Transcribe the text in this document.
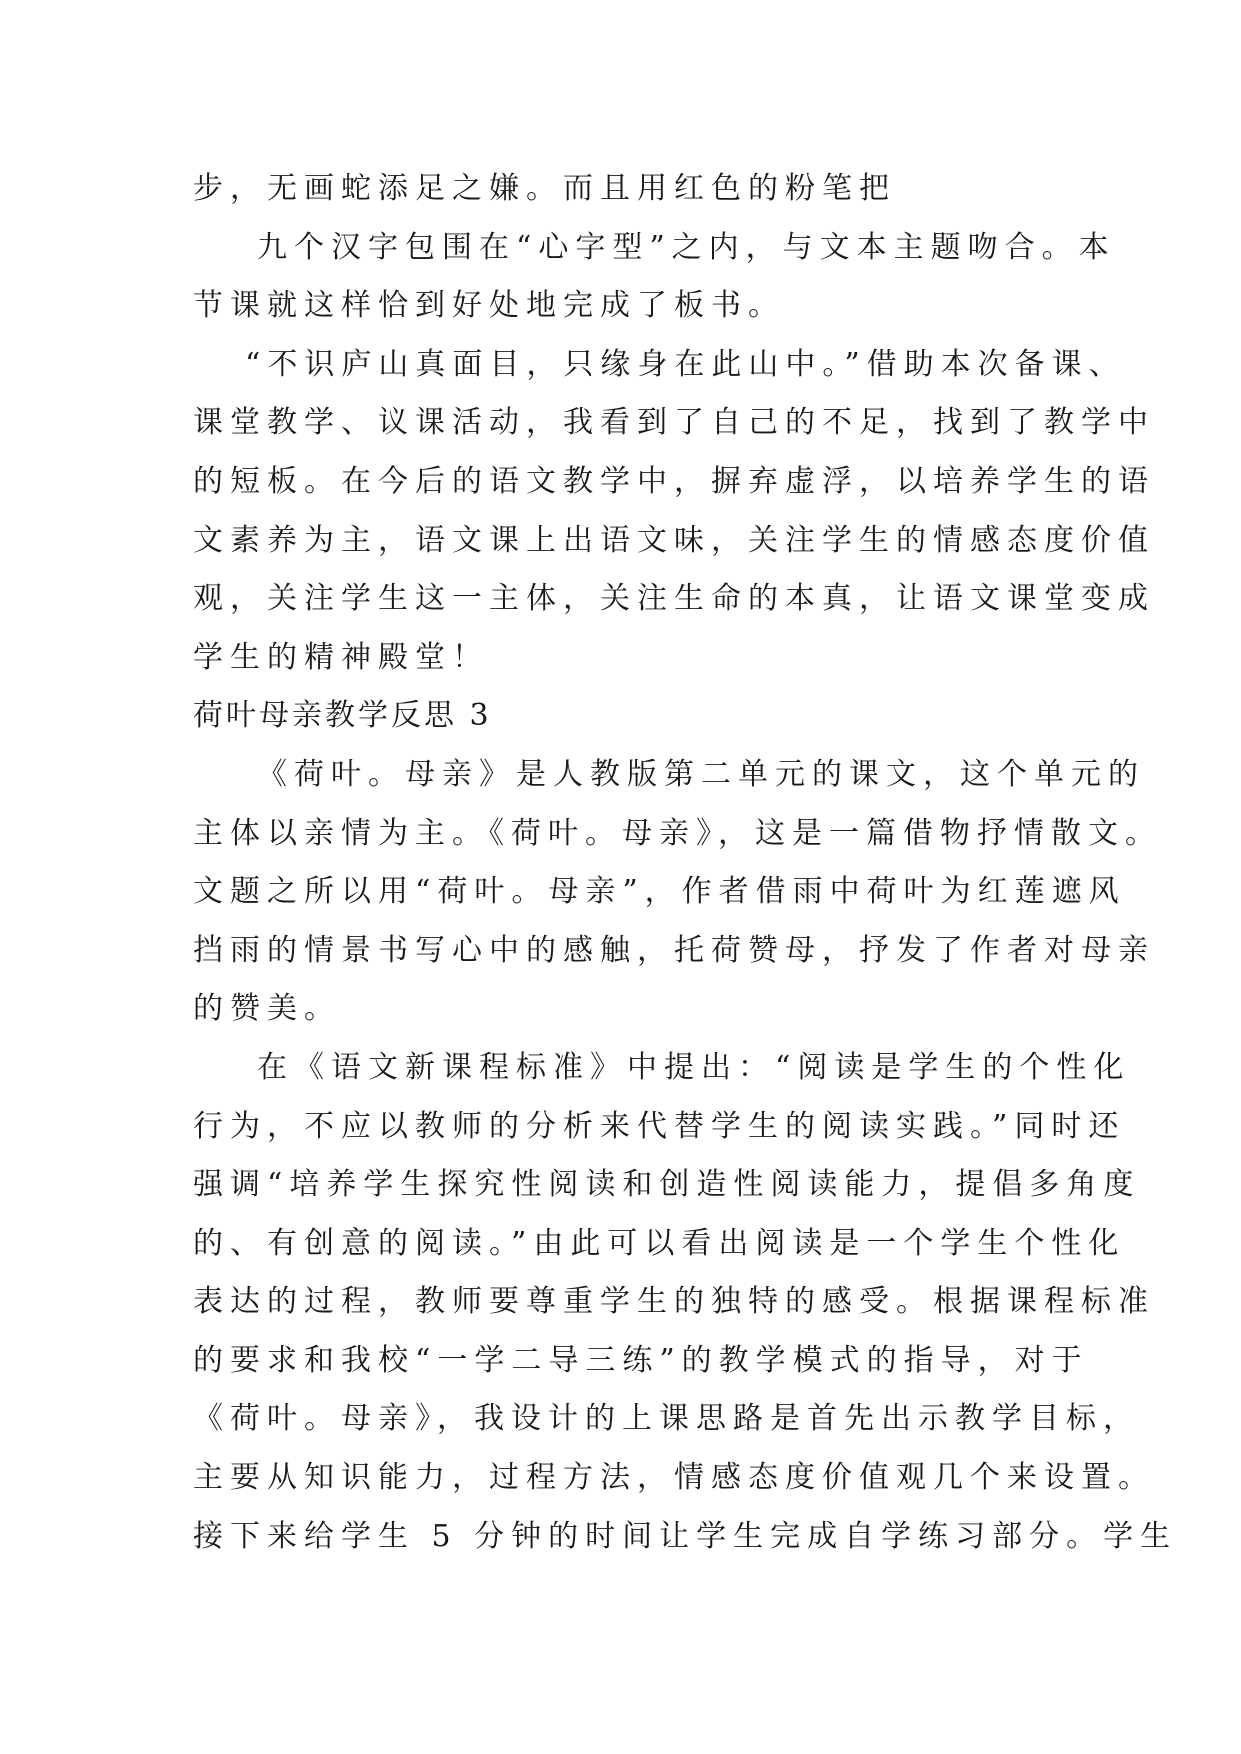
步，无画蛇添足之嫌。而且用红色的粉笔把
九个汉字包围在“心字型”之内，与文本主题吻合。本
节课就这样恰到好处地完成了板书。
“不识庐山真面目，只缘身在此山中。”借助本次备课、
课堂教学、议课活动，我看到了自己的不足，找到了教学中
的短板。在今后的语文教学中，摒弃虚浮，以培养学生的语
文素养为主，语文课上出语文味，关注学生的情感态度价值
观，关注学生这一主体，关注生命的本真，让语文课堂变成
学生的精神殿堂！
荷叶母亲教学反思 3
《荷叶。母亲》是人教版第二单元的课文，这个单元的
主体以亲情为主。《荷叶。母亲》，这是一篇借物抒情散文。
文题之所以用“荷叶。母亲”，作者借雨中荷叶为红莲遮风
挡雨的情景书写心中的感触，托荷赞母，抒发了作者对母亲
的赞美。
在《语文新课程标准》中提出：“阅读是学生的个性化
行为，不应以教师的分析来代替学生的阅读实践。”同时还
强调“培养学生探究性阅读和创造性阅读能力，提倡多角度
的、有创意的阅读。”由此可以看出阅读是一个学生个性化
表达的过程，教师要尊重学生的独特的感受。根据课程标准
的要求和我校“一学二导三练”的教学模式的指导，对于
《荷叶。母亲》，我设计的上课思路是首先出示教学目标，
主要从知识能力，过程方法，情感态度价值观几个来设置。
接下来给学生 5 分钟的时间让学生完成自学练习部分。学生
